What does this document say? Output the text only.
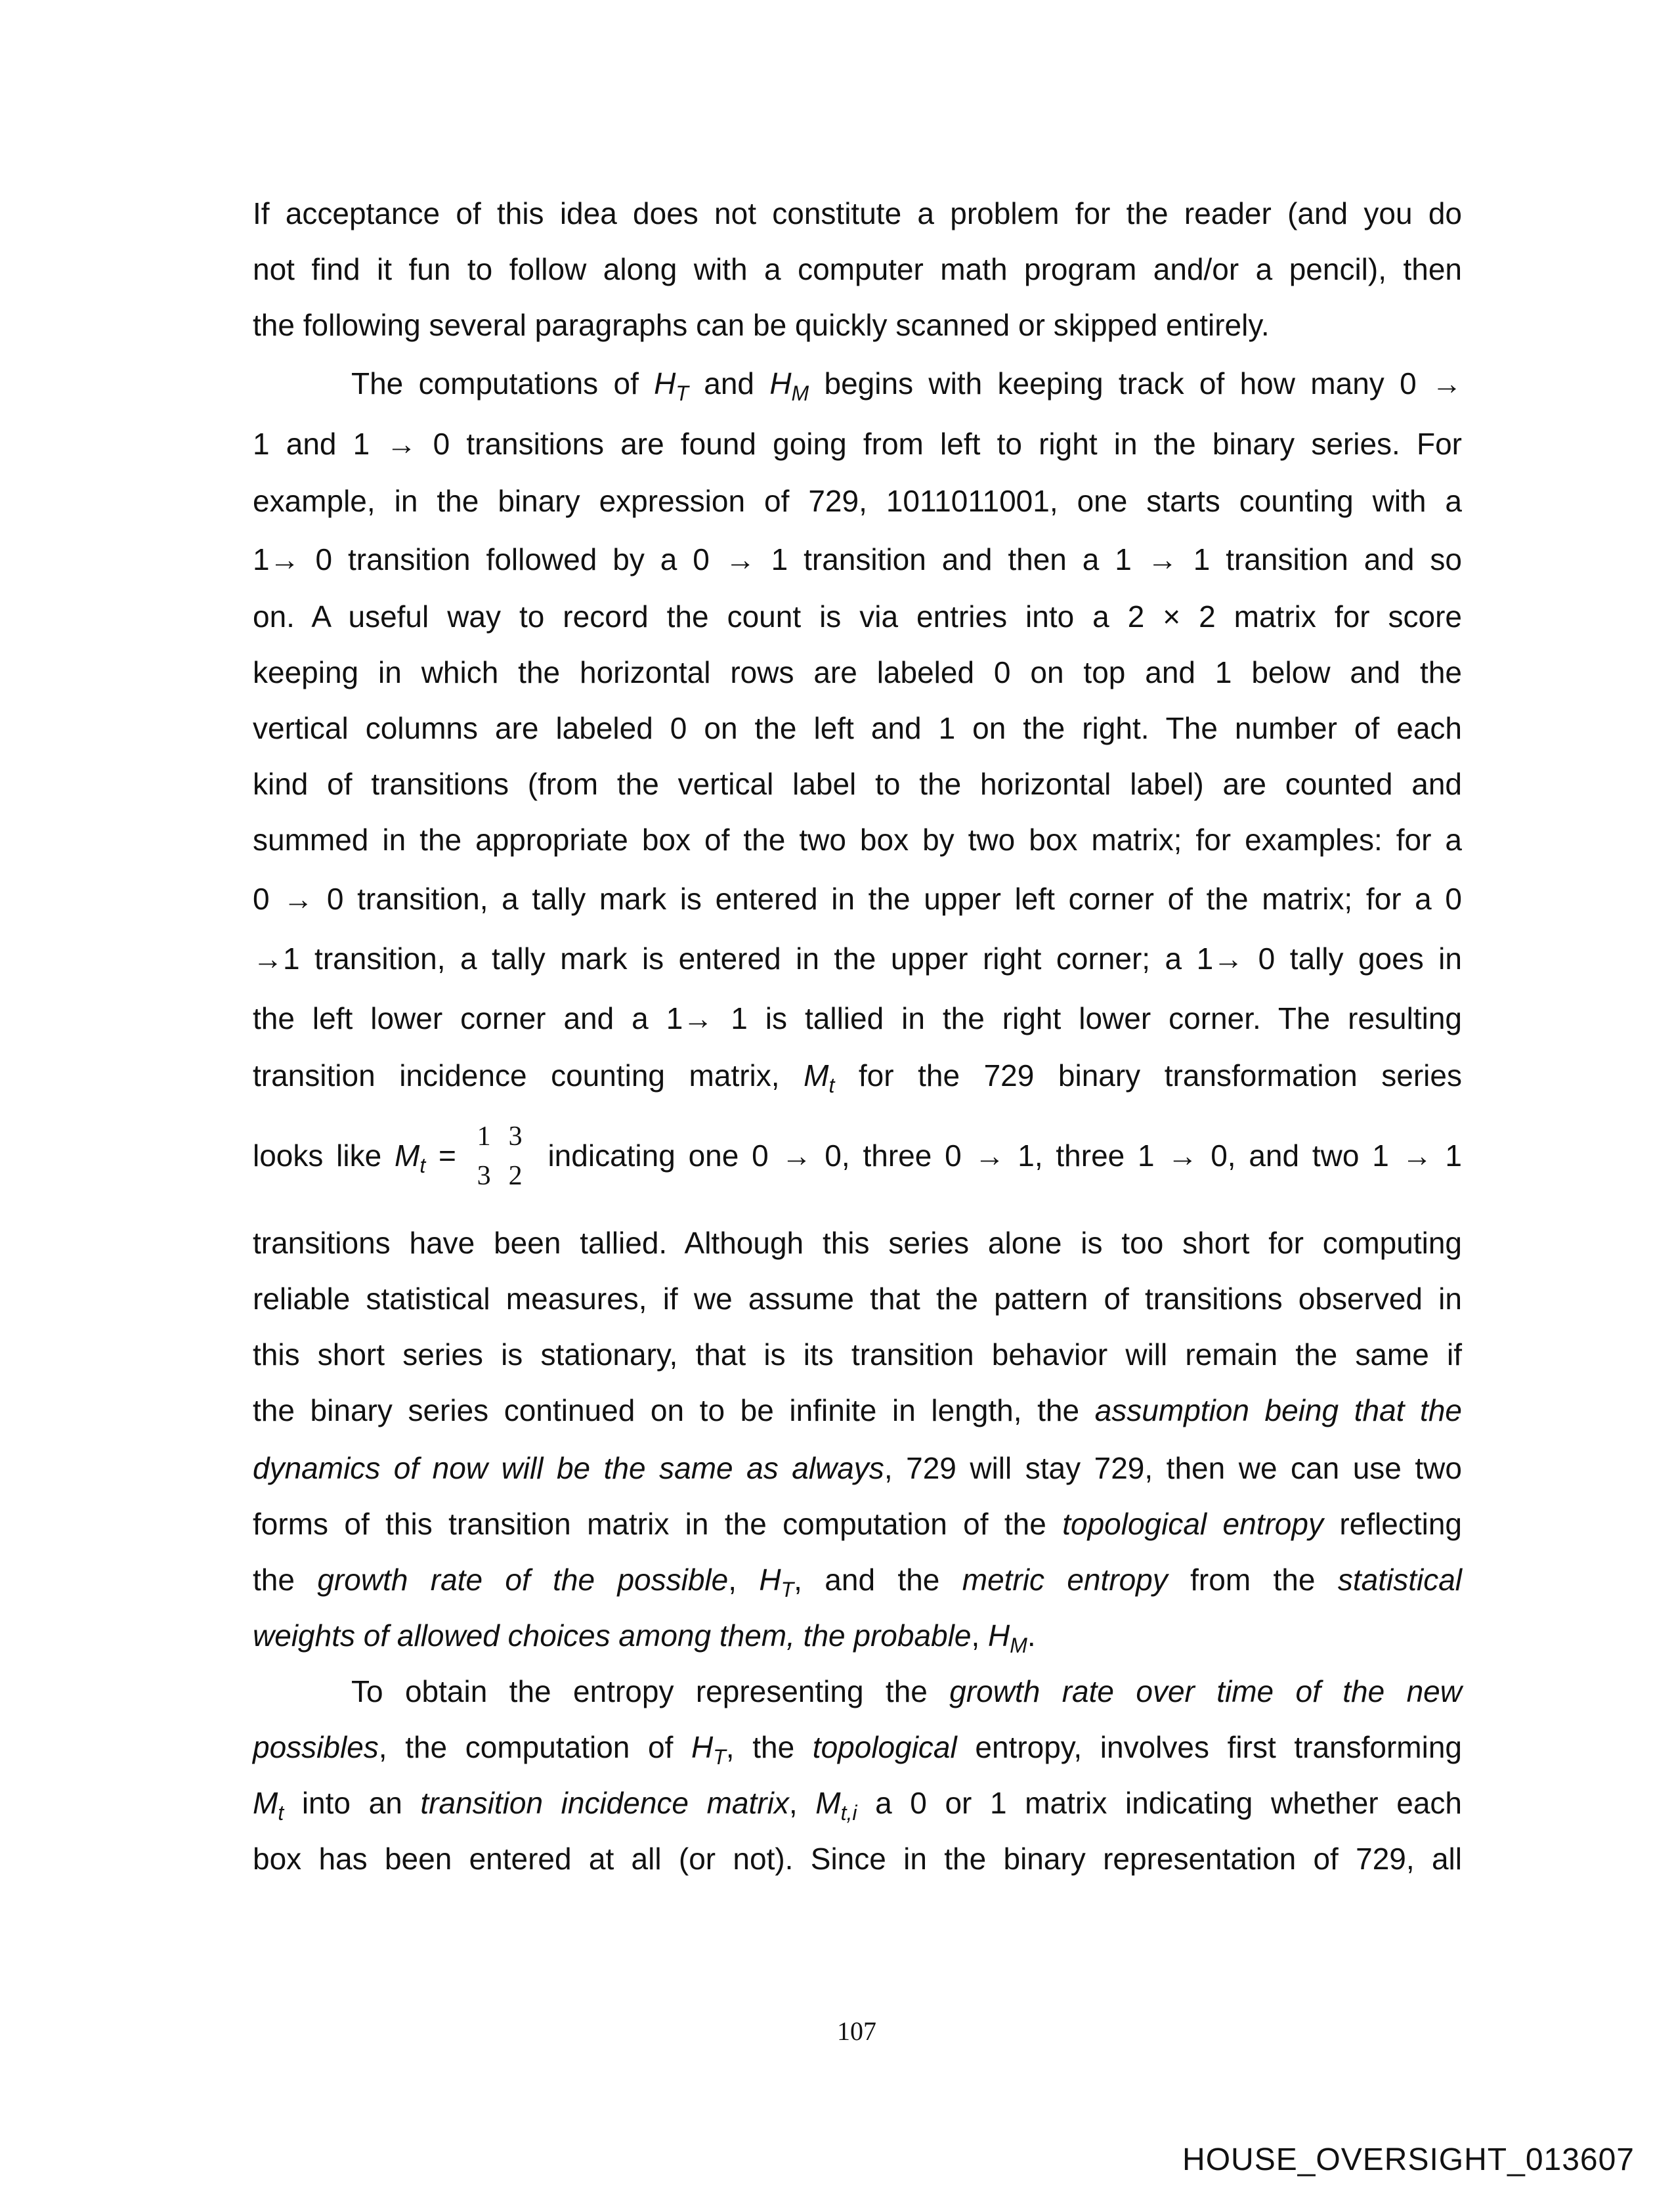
If acceptance of this idea does not constitute a problem for the reader (and you do
not find it fun to follow along with a computer math program and/or a pencil), then
the following several paragraphs can be quickly scanned or skipped entirely.
The computations of $H_T$ and $H_M$ begins with keeping track of how many 0 →
1 and 1 → 0 transitions are found going from left to right in the binary series. For
example, in the binary expression of 729, 1011011001, one starts counting with a
1→ 0 transition followed by a 0 → 1 transition and then a 1 → 1 transition and so
on. A useful way to record the count is via entries into a 2 × 2 matrix for score
keeping in which the horizontal rows are labeled 0 on top and 1 below and the
vertical columns are labeled 0 on the left and 1 on the right. The number of each
kind of transitions (from the vertical label to the horizontal label) are counted and
summed in the appropriate box of the two box by two box matrix; for examples: for a
0 → 0 transition, a tally mark is entered in the upper left corner of the matrix; for a 0
→1 transition, a tally mark is entered in the upper right corner; a 1→ 0 tally goes in
the left lower corner and a 1→ 1 is tallied in the right lower corner. The resulting
transition incidence counting matrix, $M_t$ for the 729 binary transformation series
looks like $M_t$ =
1 3
3 2
indicating one 0 → 0, three 0 → 1, three 1 → 0, and two 1 → 1
transitions have been tallied. Although this series alone is too short for computing
reliable statistical measures, if we assume that the pattern of transitions observed in
this short series is stationary, that is its transition behavior will remain the same if
the binary series continued on to be infinite in length, the assumption being that the
dynamics of now will be the same as always, 729 will stay 729, then we can use two
forms of this transition matrix in the computation of the topological entropy reflecting
the growth rate of the possible, $H_T$, and the metric entropy from the statistical
weights of allowed choices among them, the probable, $H_M$.
To obtain the entropy representing the growth rate over time of the new
possibles, the computation of $H_T$, the topological entropy, involves first transforming
$M_t$ into an transition incidence matrix, $M_{t,i}$ a 0 or 1 matrix indicating whether each
box has been entered at all (or not). Since in the binary representation of 729, all
107
HOUSE_OVERSIGHT_013607
